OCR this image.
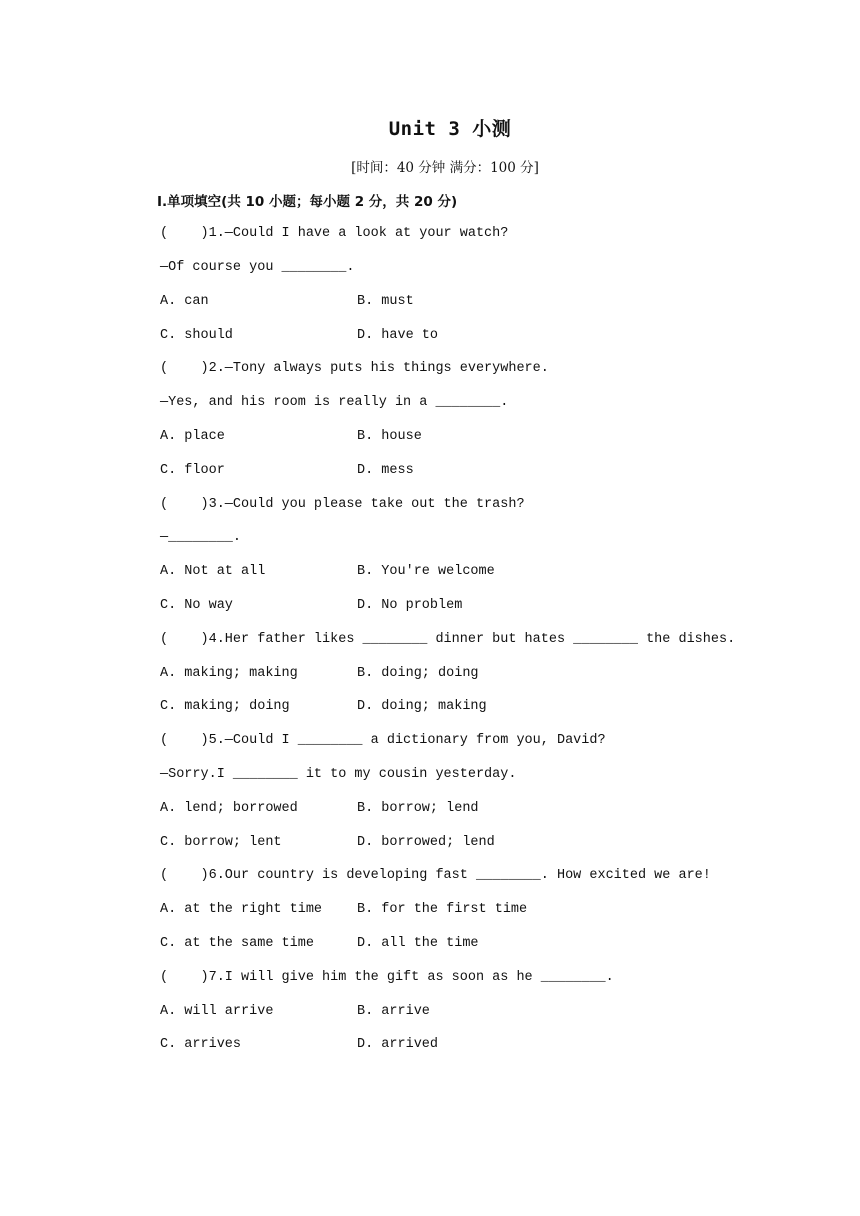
Unit 3 小测
[时间：40 分钟 满分：100 分]
Ⅰ.单项填空(共 10 小题；每小题 2 分，共 20 分)
(    )1.—Could I have a look at your watch?
—Of course you ________.
A. can	B. must
C. should	D. have to
(    )2.—Tony always puts his things everywhere.
—Yes, and his room is really in a ________.
A. place	B. house
C. floor	D. mess
(    )3.—Could you please take out the trash?
—________.
A. Not at all	B. You're welcome
C. No way	D. No problem
(    )4.Her father likes ________ dinner but hates ________ the dishes.
A. making; making	B. doing; doing
C. making; doing	D. doing; making
(    )5.—Could I ________ a dictionary from you, David?
—Sorry.I ________ it to my cousin yesterday.
A. lend; borrowed	B. borrow; lend
C. borrow; lent	D. borrowed; lend
(    )6.Our country is developing fast ________. How excited we are!
A. at the right time	B. for the first time
C. at the same time	D. all the time
(    )7.I will give him the gift as soon as he ________.
A. will arrive	B. arrive
C. arrives	D. arrived
